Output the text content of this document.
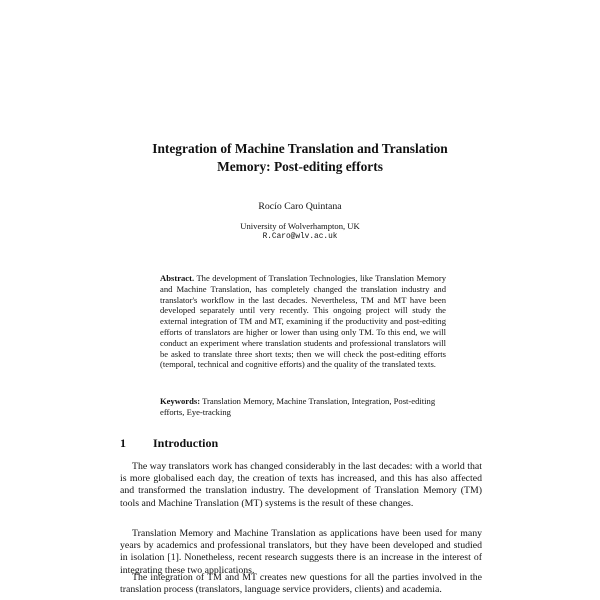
Integration of Machine Translation and Translation
Memory: Post-editing efforts
Rocío Caro Quintana
University of Wolverhampton, UK
R.Caro@wlv.ac.uk

Abstract. The development of Translation Technologies, like Translation Memory and Machine Translation, has completely changed the translation industry and translator's workflow in the last decades. Nevertheless, TM and MT have been developed separately until very recently. This ongoing project will study the external integration of TM and MT, examining if the productivity and post-editing efforts of translators are higher or lower than using only TM. To this end, we will conduct an experiment where translation students and professional translators will be asked to translate three short texts; then we will check the post-editing efforts (temporal, technical and cognitive efforts) and the quality of the translated texts.

Keywords: Translation Memory, Machine Translation, Integration, Post-editing efforts, Eye-tracking

1 Introduction

The way translators work has changed considerably in the last decades: with a world that is more globalised each day, the creation of texts has increased, and this has also affected and transformed the translation industry. The development of Translation Memory (TM) tools and Machine Translation (MT) systems is the result of these changes.

Translation Memory and Machine Translation as applications have been used for many years by academics and professional translators, but they have been developed and studied in isolation [1]. Nonetheless, recent research suggests there is an increase in the interest of integrating these two applications.

The integration of TM and MT creates new questions for all the parties involved in the translation process (translators, language service providers, clients) and academia.
